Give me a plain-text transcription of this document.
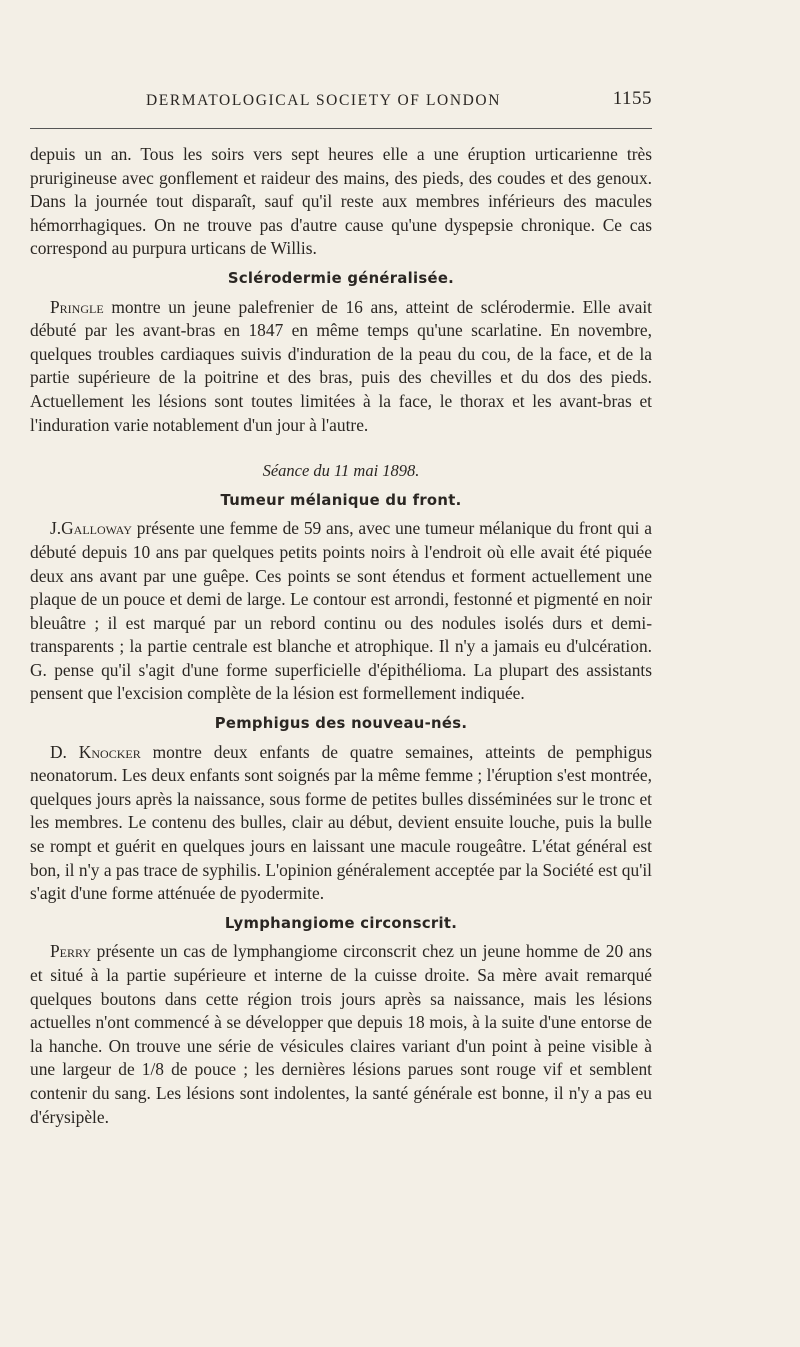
DERMATOLOGICAL SOCIETY OF LONDON	1155

depuis un an. Tous les soirs vers sept heures elle a une éruption urticarienne très prurigineuse avec gonflement et raideur des mains, des pieds, des coudes et des genoux. Dans la journée tout disparaît, sauf qu'il reste aux membres inférieurs des macules hémorrhagiques. On ne trouve pas d'autre cause qu'une dyspepsie chronique. Ce cas correspond au purpura urticans de Willis.

Sclérodermie généralisée.

Pringle montre un jeune palefrenier de 16 ans, atteint de sclérodermie. Elle avait débuté par les avant-bras en 1847 en même temps qu'une scarlatine. En novembre, quelques troubles cardiaques suivis d'induration de la peau du cou, de la face, et de la partie supérieure de la poitrine et des bras, puis des chevilles et du dos des pieds. Actuellement les lésions sont toutes limitées à la face, le thorax et les avant-bras et l'induration varie notablement d'un jour à l'autre.

Séance du 11 mai 1898.
Tumeur mélanique du front.

J.Galloway présente une femme de 59 ans, avec une tumeur mélanique du front qui a débuté depuis 10 ans par quelques petits points noirs à l'endroit où elle avait été piquée deux ans avant par une guêpe. Ces points se sont étendus et forment actuellement une plaque de un pouce et demi de large. Le contour est arrondi, festonné et pigmenté en noir bleuâtre ; il est marqué par un rebord continu ou des nodules isolés durs et demi-transparents ; la partie centrale est blanche et atrophique. Il n'y a jamais eu d'ulcération. G. pense qu'il s'agit d'une forme superficielle d'épithélioma. La plupart des assistants pensent que l'excision complète de la lésion est formellement indiquée.

Pemphigus des nouveau-nés.

D. Knocker montre deux enfants de quatre semaines, atteints de pemphigus neonatorum. Les deux enfants sont soignés par la même femme ; l'éruption s'est montrée, quelques jours après la naissance, sous forme de petites bulles disséminées sur le tronc et les membres. Le contenu des bulles, clair au début, devient ensuite louche, puis la bulle se rompt et guérit en quelques jours en laissant une macule rougeâtre. L'état général est bon, il n'y a pas trace de syphilis. L'opinion généralement acceptée par la Société est qu'il s'agit d'une forme atténuée de pyodermite.

Lymphangiome circonscrit.

Perry présente un cas de lymphangiome circonscrit chez un jeune homme de 20 ans et situé à la partie supérieure et interne de la cuisse droite. Sa mère avait remarqué quelques boutons dans cette région trois jours après sa naissance, mais les lésions actuelles n'ont commencé à se développer que depuis 18 mois, à la suite d'une entorse de la hanche. On trouve une série de vésicules claires variant d'un point à peine visible à une largeur de 1/8 de pouce ; les dernières lésions parues sont rouge vif et semblent contenir du sang. Les lésions sont indolentes, la santé générale est bonne, il n'y a pas eu d'érysipèle.
